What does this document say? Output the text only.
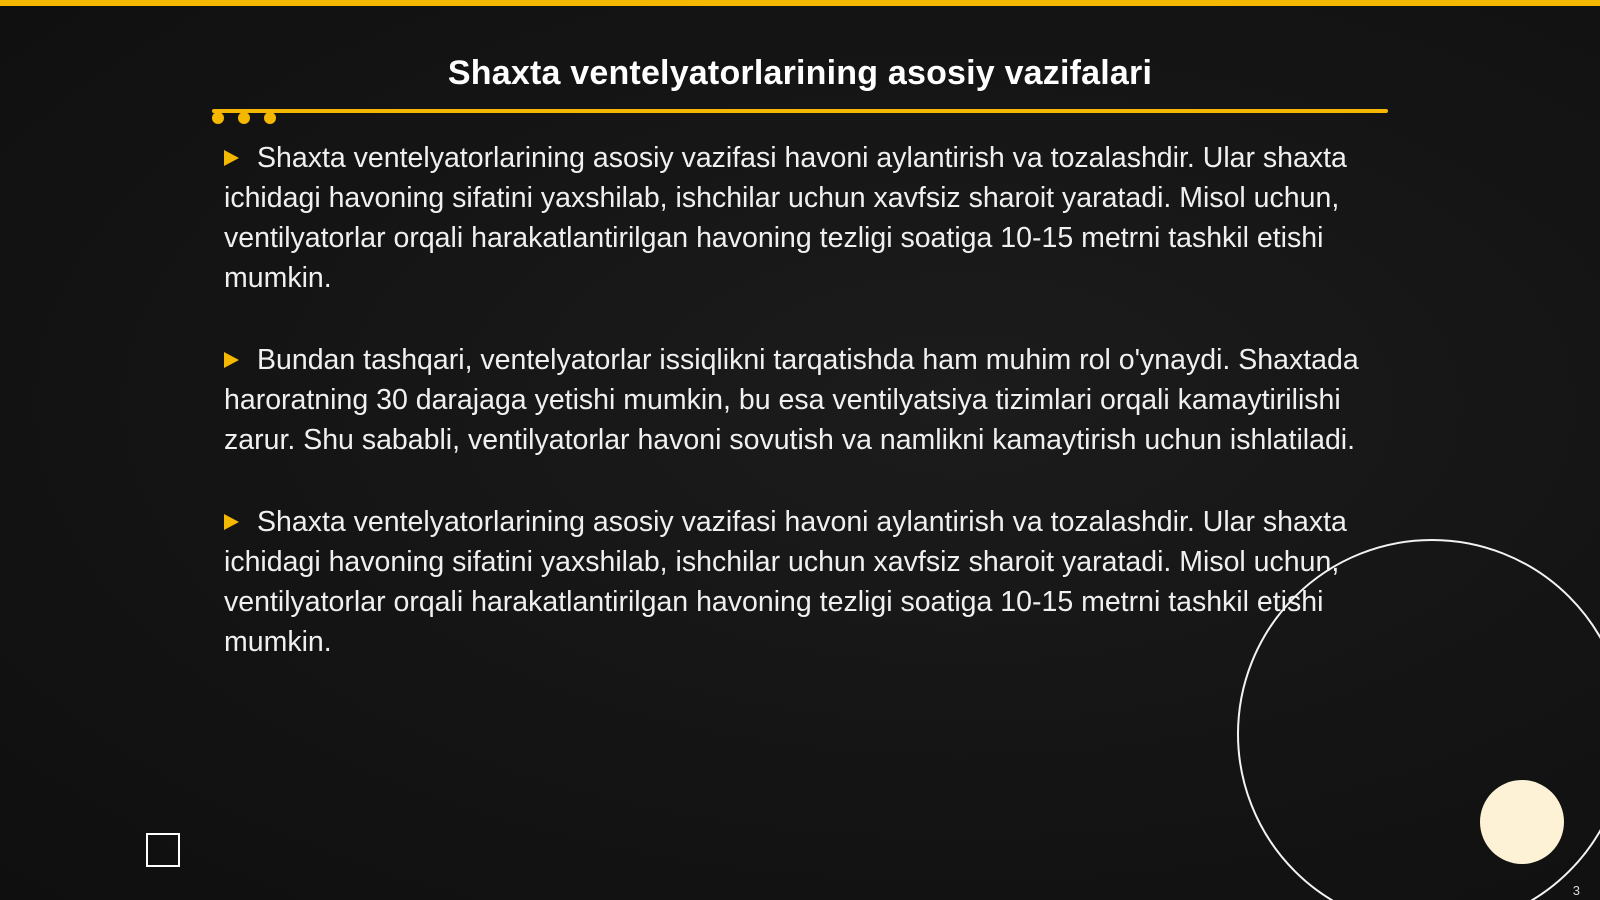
Shaxta ventelyatorlarining asosiy vazifalari

Shaxta ventelyatorlarining asosiy vazifasi havoni aylantirish va tozalashdir. Ular shaxta ichidagi havoning sifatini yaxshilab, ishchilar uchun xavfsiz sharoit yaratadi. Misol uchun, ventilyatorlar orqali harakatlantirilgan havoning tezligi soatiga 10-15 metrni tashkil etishi mumkin.

Bundan tashqari, ventelyatorlar issiqlikni tarqatishda ham muhim rol o'ynaydi. Shaxtada haroratning 30 darajaga yetishi mumkin, bu esa ventilyatsiya tizimlari orqali kamaytirilishi zarur. Shu sababli, ventilyatorlar havoni sovutish va namlikni kamaytirish uchun ishlatiladi.

Shaxta ventelyatorlarining asosiy vazifasi havoni aylantirish va tozalashdir. Ular shaxta ichidagi havoning sifatini yaxshilab, ishchilar uchun xavfsiz sharoit yaratadi. Misol uchun, ventilyatorlar orqali harakatlantirilgan havoning tezligi soatiga 10-15 metrni tashkil etishi mumkin.

3
